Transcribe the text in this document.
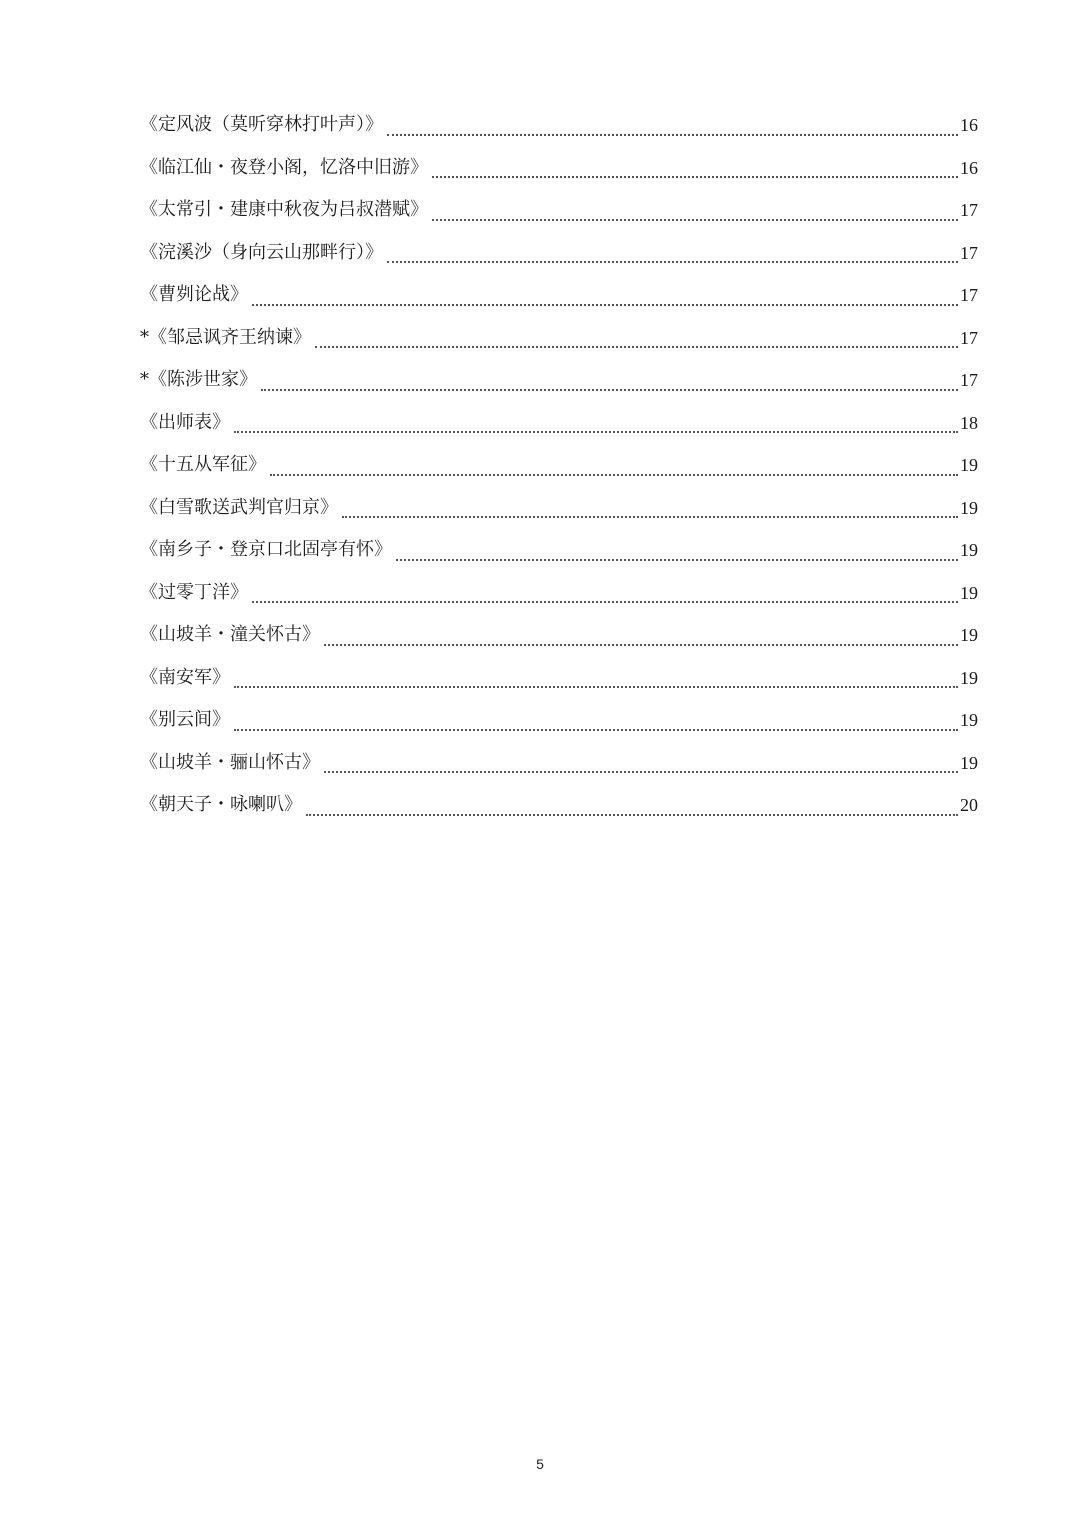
《定风波（莫听穿林打叶声）》	16
《临江仙・夜登小阁，忆洛中旧游》	16
《太常引・建康中秋夜为吕叔潜赋》	17
《浣溪沙（身向云山那畔行）》	17
《曹刿论战》	17
*《邹忌讽齐王纳谏》	17
*《陈涉世家》	17
《出师表》	18
《十五从军征》	19
《白雪歌送武判官归京》	19
《南乡子・登京口北固亭有怀》	19
《过零丁洋》	19
《山坡羊・潼关怀古》	19
《南安军》	19
《别云间》	19
《山坡羊・骊山怀古》	19
《朝天子・咏喇叭》	20
5
